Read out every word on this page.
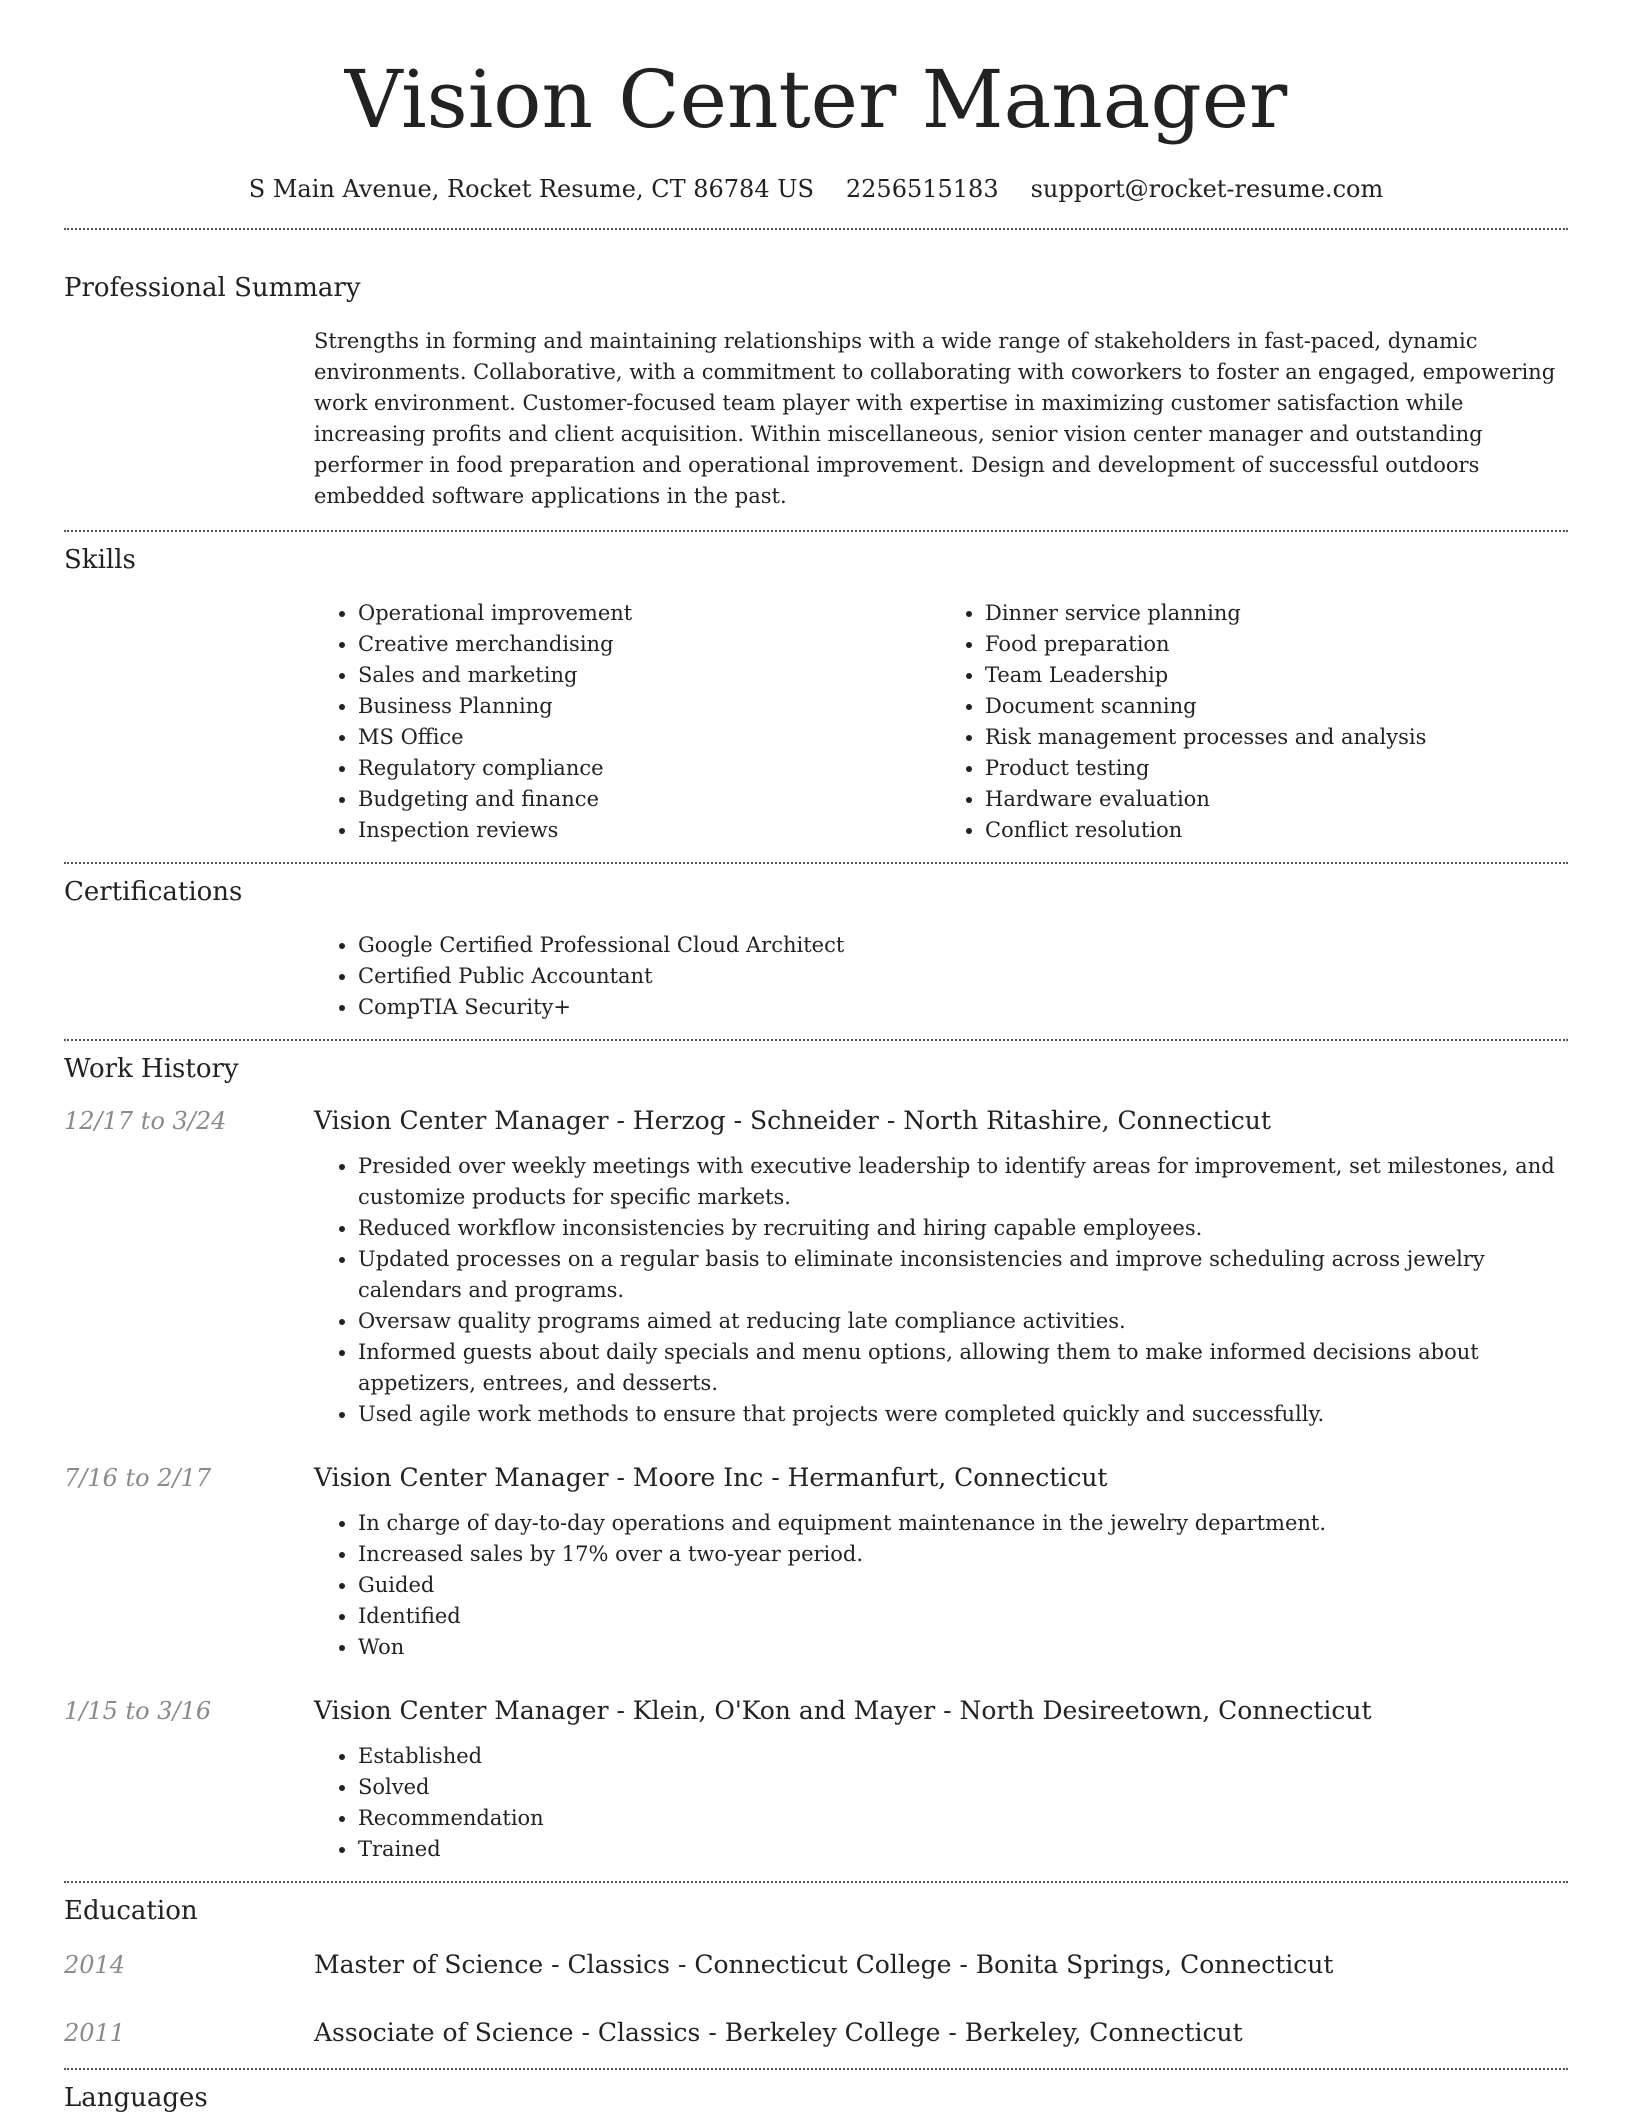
Vision Center Manager
S Main Avenue, Rocket Resume, CT 86784 US 2256515183 support@rocket-resume.com
Professional Summary

Strengths in forming and maintaining relationships with a wide range of stakeholders in fast-paced, dynamic environments. Collaborative, with a commitment to collaborating with coworkers to foster an engaged, empowering work environment. Customer-focused team player with expertise in maximizing customer satisfaction while increasing profits and client acquisition. Within miscellaneous, senior vision center manager and outstanding performer in food preparation and operational improvement. Design and development of successful outdoors embedded software applications in the past.

Skills
• Operational improvement
• Creative merchandising
• Sales and marketing
• Business Planning
• MS Office
• Regulatory compliance
• Budgeting and finance
• Inspection reviews
• Dinner service planning
• Food preparation
• Team Leadership
• Document scanning
• Risk management processes and analysis
• Product testing
• Hardware evaluation
• Conflict resolution
Certifications
• Google Certified Professional Cloud Architect
• Certified Public Accountant
• CompTIA Security+
Work History
12/17 to 3/24	Vision Center Manager - Herzog - Schneider - North Ritashire, Connecticut
• Presided over weekly meetings with executive leadership to identify areas for improvement, set milestones, and customize products for specific markets.
• Reduced workflow inconsistencies by recruiting and hiring capable employees.
• Updated processes on a regular basis to eliminate inconsistencies and improve scheduling across jewelry calendars and programs.
• Oversaw quality programs aimed at reducing late compliance activities.
• Informed guests about daily specials and menu options, allowing them to make informed decisions about appetizers, entrees, and desserts.
• Used agile work methods to ensure that projects were completed quickly and successfully.
7/16 to 2/17	Vision Center Manager - Moore Inc - Hermanfurt, Connecticut
• In charge of day-to-day operations and equipment maintenance in the jewelry department.
• Increased sales by 17% over a two-year period.
• Guided
• Identified
• Won
1/15 to 3/16	Vision Center Manager - Klein, O'Kon and Mayer - North Desireetown, Connecticut
• Established
• Solved
• Recommendation
• Trained
Education
2014	Master of Science - Classics - Connecticut College - Bonita Springs, Connecticut
2011	Associate of Science - Classics - Berkeley College - Berkeley, Connecticut
Languages
